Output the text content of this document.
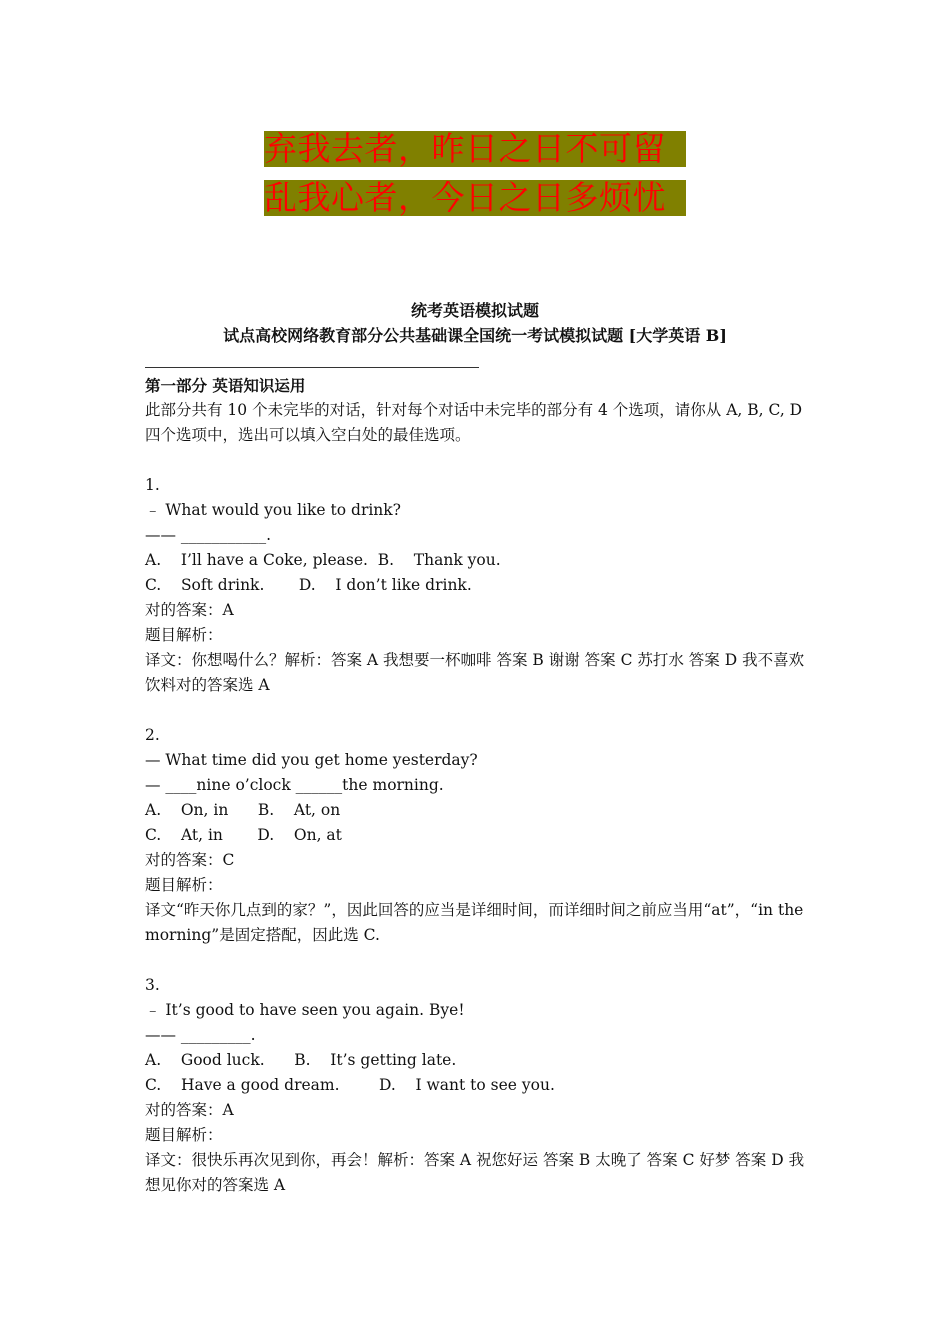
弃我去者，昨日之日不可留
乱我心者，今日之日多烦忧
统考英语模拟试题
试点高校网络教育部分公共基础课全国统一考试模拟试题 [大学英语 B]
第一部分 英语知识运用
此部分共有 10 个未完毕的对话，针对每个对话中未完毕的部分有 4 个选项，请你从 A, B, C, D 四个选项中，选出可以填入空白处的最佳选项。
1.
﹣ What would you like to drink?
—— ___________.
A.    I’ll have a Coke, please.  B.    Thank you.
C.    Soft drink.       D.    I don’t like drink.
对的答案：A
题目解析：
译文：你想喝什么？解析：答案 A 我想要一杯咖啡 答案 B 谢谢 答案 C 苏打水 答案 D 我不喜欢饮料对的答案选 A
2.
— What time did you get home yesterday?
— ____nine o’clock ______the morning.
A.    On, in      B.    At, on
C.    At, in       D.    On, at
对的答案：C
题目解析：
译文“昨天你几点到的家？”，因此回答的应当是详细时间，而详细时间之前应当用“at”，“in the morning”是固定搭配，因此选 C.
3.
﹣ It’s good to have seen you again. Bye!
—— _________.
A.    Good luck.      B.    It’s getting late.
C.    Have a good dream.        D.    I want to see you.
对的答案：A
题目解析：
译文：很快乐再次见到你，再会！解析：答案 A 祝您好运 答案 B 太晚了 答案 C 好梦 答案 D 我想见你对的答案选 A
